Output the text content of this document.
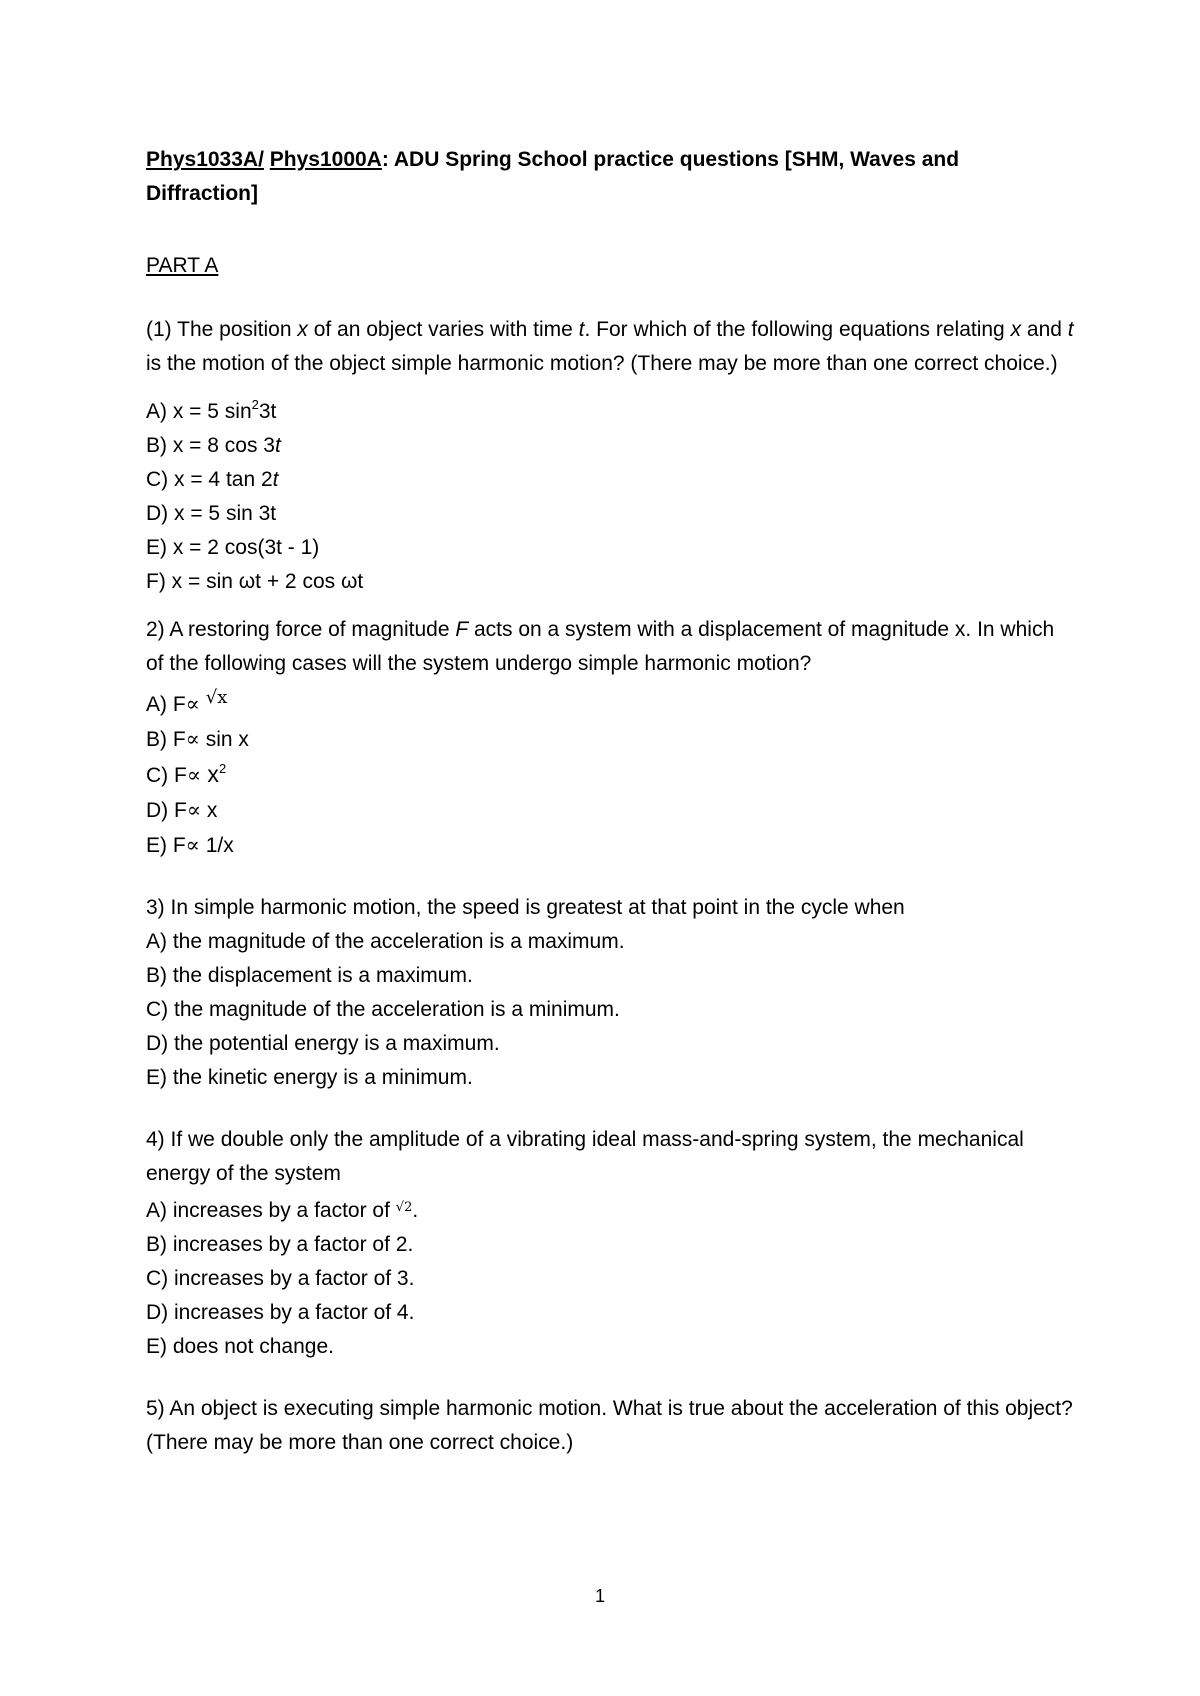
Phys1033A/ Phys1000A: ADU Spring School practice questions [SHM, Waves and Diffraction]

PART A
(1) The position x of an object varies with time t. For which of the following equations relating x and t is the motion of the object simple harmonic motion? (There may be more than one correct choice.)
A) x = 5 $\sin^23t$
B) x = 8 cos 3t
C) x = 4 tan 2t
D) x = 5 sin 3t
E) x = 2 cos(3t - 1)
F) x = sin ωt + 2 cos ωt
2) A restoring force of magnitude F acts on a system with a displacement of magnitude x. In which of the following cases will the system undergo simple harmonic motion?
A) F∝ √x
B) F∝ sin x
C) $F\propto x^2$
D) F∝ x
E) F∝ 1/x
3) In simple harmonic motion, the speed is greatest at that point in the cycle when
A) the magnitude of the acceleration is a maximum.
B) the displacement is a maximum.
C) the magnitude of the acceleration is a minimum.
D) the potential energy is a maximum.
E) the kinetic energy is a minimum.
4) If we double only the amplitude of a vibrating ideal mass-and-spring system, the mechanical energy of the system
A) increases by a factor of $^{√2}$.
B) increases by a factor of 2.
C) increases by a factor of 3.
D) increases by a factor of 4.
E) does not change.
5) An object is executing simple harmonic motion. What is true about the acceleration of this object? (There may be more than one correct choice.)
1
